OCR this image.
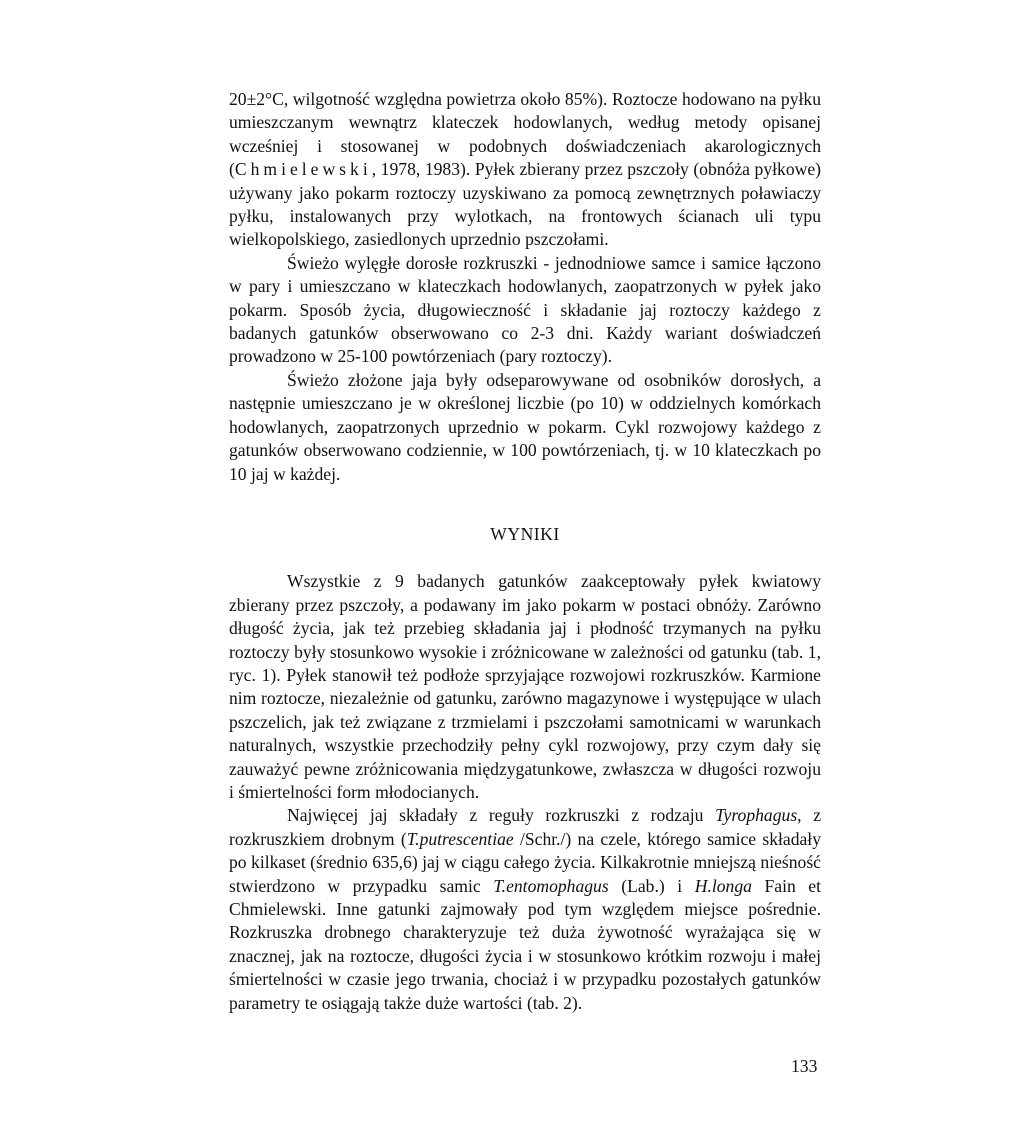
20±2°C, wilgotność względna powietrza około 85%). Roztocze hodowano na pyłku umieszczanym wewnątrz klateczek hodowlanych, według metody opisanej wcześniej i stosowanej w podobnych doświadczeniach akarologicznych (Chmielewski, 1978, 1983). Pyłek zbierany przez pszczoły (obnóża pyłkowe) używany jako pokarm roztoczy uzyskiwano za pomocą zewnętrznych poławiaczy pyłku, instalowanych przy wylotkach, na frontowych ścianach uli typu wielkopolskiego, zasiedlonych uprzednio pszczołami.

Świeżo wylęgłe dorosłe rozkruszki - jednodniowe samce i samice łączono w pary i umieszczano w klateczkach hodowlanych, zaopatrzonych w pyłek jako pokarm. Sposób życia, długowieczność i składanie jaj roztoczy każdego z badanych gatunków obserwowano co 2-3 dni. Każdy wariant doświadczeń prowadzono w 25-100 powtórzeniach (pary roztoczy).

Świeżo złożone jaja były odseparowywane od osobników dorosłych, a następnie umieszczano je w określonej liczbie (po 10) w oddzielnych komórkach hodowlanych, zaopatrzonych uprzednio w pokarm. Cykl rozwojowy każdego z gatunków obserwowano codziennie, w 100 powtórzeniach, tj. w 10 klateczkach po 10 jaj w każdej.

WYNIKI

Wszystkie z 9 badanych gatunków zaakceptowały pyłek kwiatowy zbierany przez pszczoły, a podawany im jako pokarm w postaci obnóży. Zarówno długość życia, jak też przebieg składania jaj i płodność trzymanych na pyłku roztoczy były stosunkowo wysokie i zróżnicowane w zależności od gatunku (tab. 1, ryc. 1). Pyłek stanowił też podłoże sprzyjające rozwojowi rozkruszków. Karmione nim roztocze, niezależnie od gatunku, zarówno magazynowe i występujące w ulach pszczelich, jak też związane z trzmielami i pszczołami samotnicami w warunkach naturalnych, wszystkie przechodziły pełny cykl rozwojowy, przy czym dały się zauważyć pewne zróżnicowania międzygatunkowe, zwłaszcza w długości rozwoju i śmiertelności form młodocianych.

Najwięcej jaj składały z reguły rozkruszki z rodzaju Tyrophagus, z rozkruszkiem drobnym (T.putrescentiae /Schr./) na czele, którego samice składały po kilkaset (średnio 635,6) jaj w ciągu całego życia. Kilkakrotnie mniejszą nieśność stwierdzono w przypadku samic T.entomophagus (Lab.) i H.longa Fain et Chmielewski. Inne gatunki zajmowały pod tym względem miejsce pośrednie. Rozkruszka drobnego charakteryzuje też duża żywotność wyrażająca się w znacznej, jak na roztocze, długości życia i w stosunkowo krótkim rozwoju i małej śmiertelności w czasie jego trwania, chociaż i w przypadku pozostałych gatunków parametry te osiągają także duże wartości (tab. 2).

133
